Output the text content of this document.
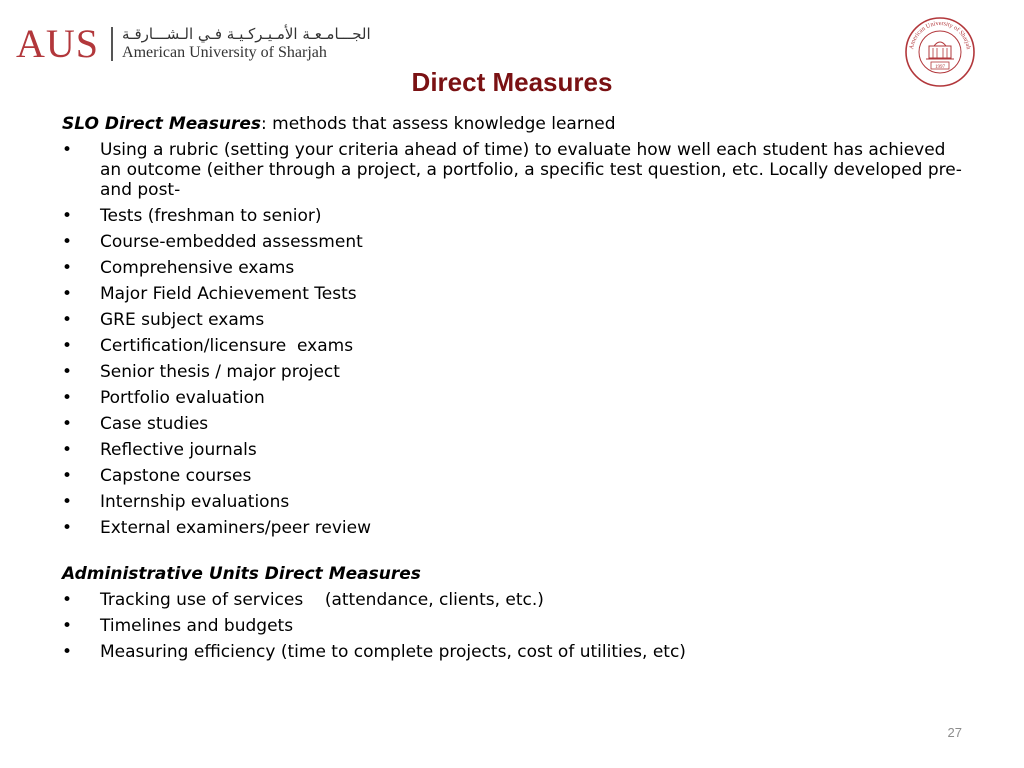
AUS الجـــامـعـة الأمـيـركـيـة فـي الـشـــارقـة
American University of Sharjah	American University of Sharjah
1997
Direct Measures
SLO Direct Measures: methods that assess knowledge learned
• Using a rubric (setting your criteria ahead of time) to evaluate how well each student has achieved an outcome (either through a project, a portfolio, a specific test question, etc. Locally developed pre- and post-
• Tests (freshman to senior)
• Course-embedded assessment
• Comprehensive exams
• Major Field Achievement Tests
• GRE subject exams
• Certification/licensure  exams
• Senior thesis / major project
• Portfolio evaluation
• Case studies
• Reflective journals
• Capstone courses
• Internship evaluations
• External examiners/peer review
Administrative Units Direct Measures
• Tracking use of services    (attendance, clients, etc.)
• Timelines and budgets
• Measuring efficiency (time to complete projects, cost of utilities, etc)
27
